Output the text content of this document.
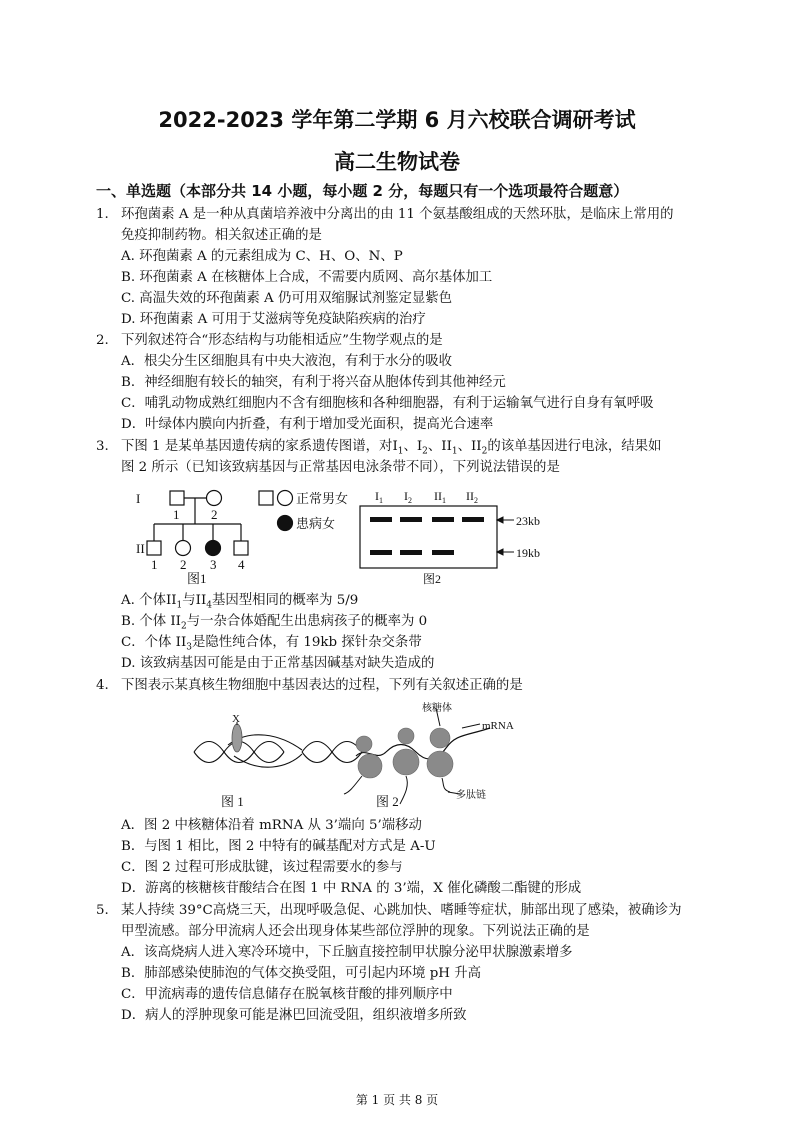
2022-2023 学年第二学期 6 月六校联合调研考试
高二生物试卷
一、单选题（本部分共 14 小题，每小题 2 分，每题只有一个选项最符合题意）
1. 环孢菌素 A 是一种从真菌培养液中分离出的由 11 个氨基酸组成的天然环肽，是临床上常用的
免疫抑制药物。相关叙述正确的是
A. 环孢菌素 A 的元素组成为 C、H、O、N、P
B. 环孢菌素 A 在核糖体上合成，不需要内质网、高尔基体加工
C. 高温失效的环孢菌素 A 仍可用双缩脲试剂鉴定显紫色
D. 环孢菌素 A 可用于艾滋病等免疫缺陷疾病的治疗
2. 下列叙述符合“形态结构与功能相适应”生物学观点的是
A．根尖分生区细胞具有中央大液泡，有利于水分的吸收
B．神经细胞有较长的轴突，有利于将兴奋从胞体传到其他神经元
C．哺乳动物成熟红细胞内不含有细胞核和各种细胞器，有利于运输氧气进行自身有氧呼吸
D．叶绿体内膜向内折叠，有利于增加受光面积，提高光合速率
3. 下图 1 是某单基因遗传病的家系遗传图谱，对$I_1$、$I_2$、$II_1$、$II_2$的该单基因进行电泳，结果如
图 2 所示（已知该致病基因与正常基因电泳条带不同），下列说法错误的是
I
II
1 2
1 2 3 4
图1
正常男女
患病女
$I_1$ $I_2$ $II_1$ $II_2$
23kb
19kb
图2
A. 个体$II_1$与$II_4$基因型相同的概率为 5/9
B. 个体 $II_2$与一杂合体婚配生出患病孩子的概率为 0
C．个体 $II_3$是隐性纯合体，有 19kb 探针杂交条带
D. 该致病基因可能是由于正常基因碱基对缺失造成的
4. 下图表示某真核生物细胞中基因表达的过程，下列有关叙述正确的是
X
核糖体
mRNA
多肽链
图 1	图 2
A．图 2 中核糖体沿着 mRNA 从 3’端向 5’端移动
B．与图 1 相比，图 2 中特有的碱基配对方式是 A-U
C．图 2 过程可形成肽键，该过程需要水的参与
D．游离的核糖核苷酸结合在图 1 中 RNA 的 3’端，X 催化磷酸二酯键的形成
5. 某人持续 39°C高烧三天，出现呼吸急促、心跳加快、嗜睡等症状，肺部出现了感染，被确诊为
甲型流感。部分甲流病人还会出现身体某些部位浮肿的现象。下列说法正确的是
A．该高烧病人进入寒冷环境中，下丘脑直接控制甲状腺分泌甲状腺激素增多
B．肺部感染使肺泡的气体交换受阻，可引起内环境 pH 升高
C．甲流病毒的遗传信息储存在脱氧核苷酸的排列顺序中
D．病人的浮肿现象可能是淋巴回流受阻，组织液增多所致
第 1 页 共 8 页
